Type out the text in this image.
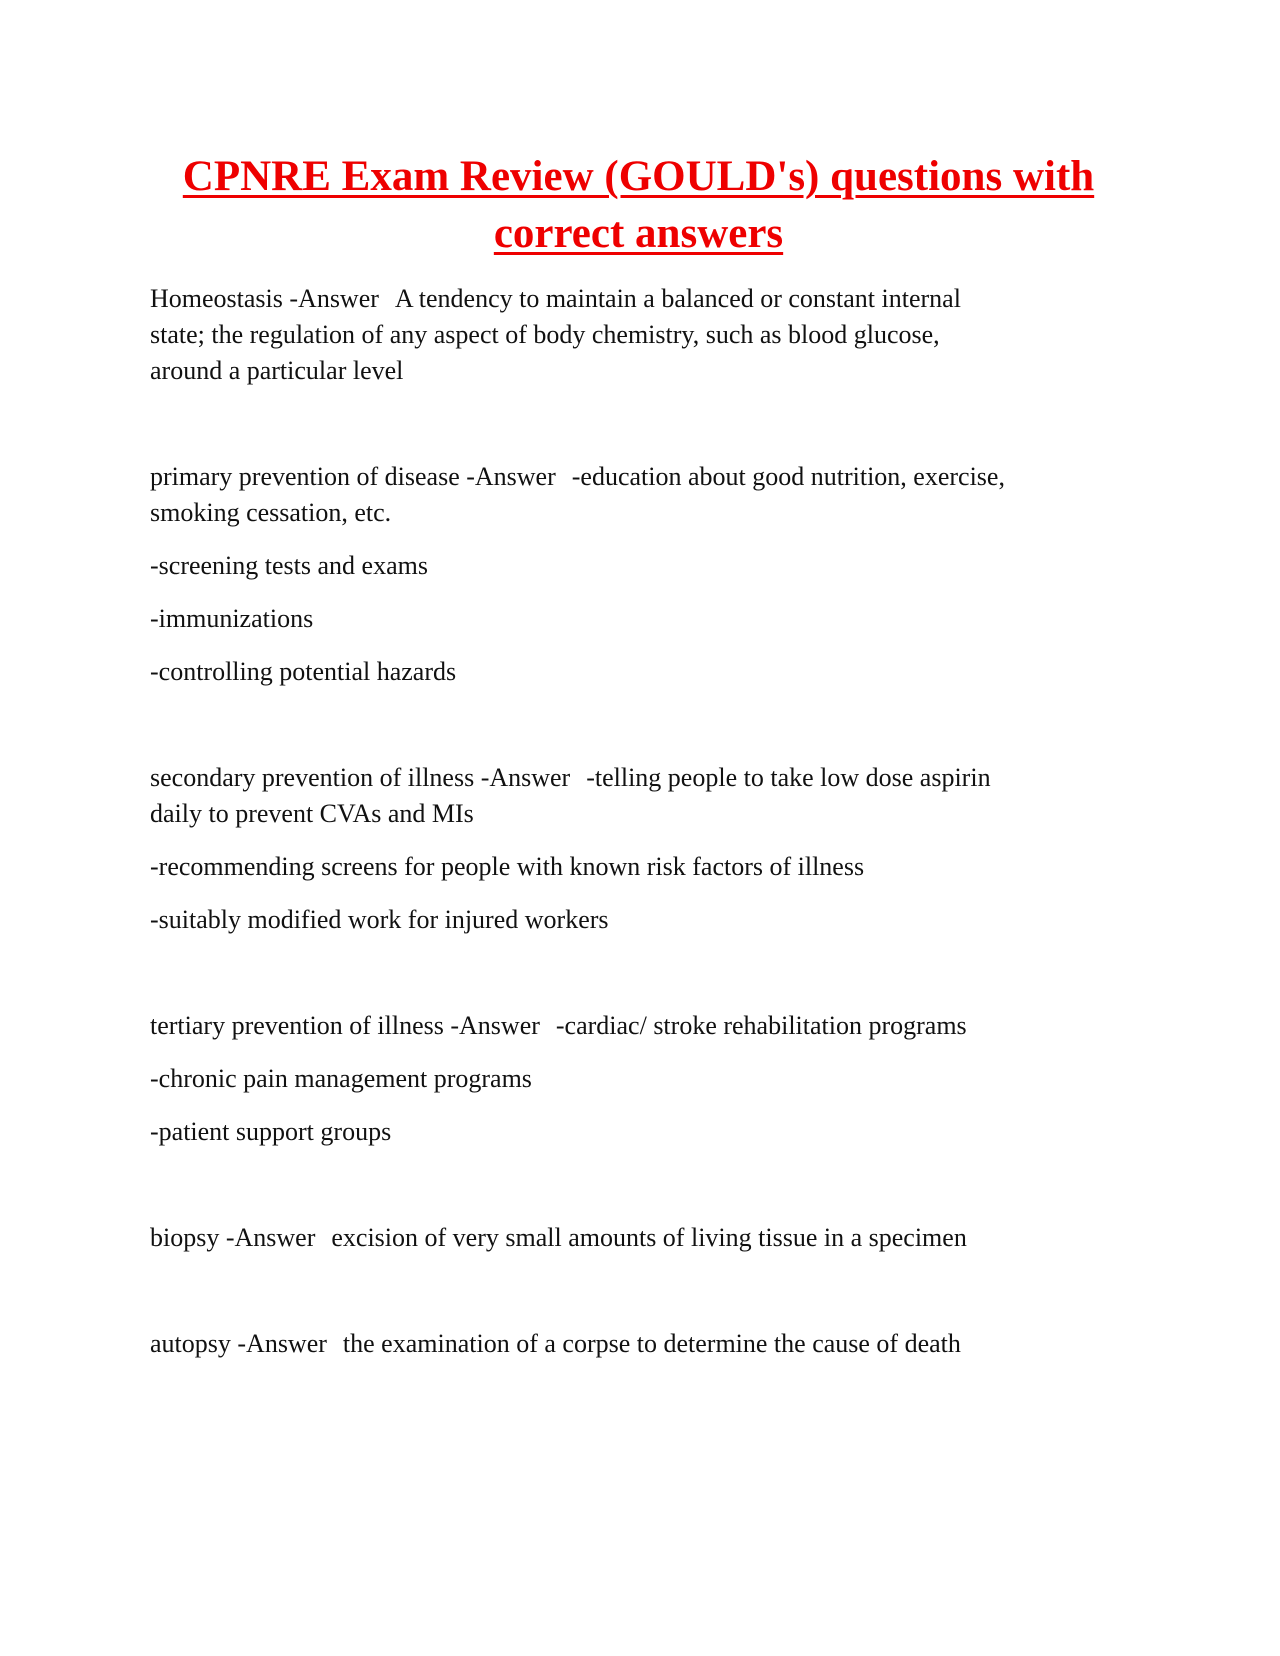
CPNRE Exam Review (GOULD's) questions with correct answers

Homeostasis -Answer A tendency to maintain a balanced or constant internal

state; the regulation of any aspect of body chemistry, such as blood glucose,

around a particular level

primary prevention of disease -Answer -education about good nutrition, exercise,

smoking cessation, etc.

-screening tests and exams

-immunizations

-controlling potential hazards

secondary prevention of illness -Answer -telling people to take low dose aspirin

daily to prevent CVAs and MIs

-recommending screens for people with known risk factors of illness

-suitably modified work for injured workers

tertiary prevention of illness -Answer -cardiac/ stroke rehabilitation programs

-chronic pain management programs

-patient support groups

biopsy -Answer excision of very small amounts of living tissue in a specimen

autopsy -Answer the examination of a corpse to determine the cause of death
